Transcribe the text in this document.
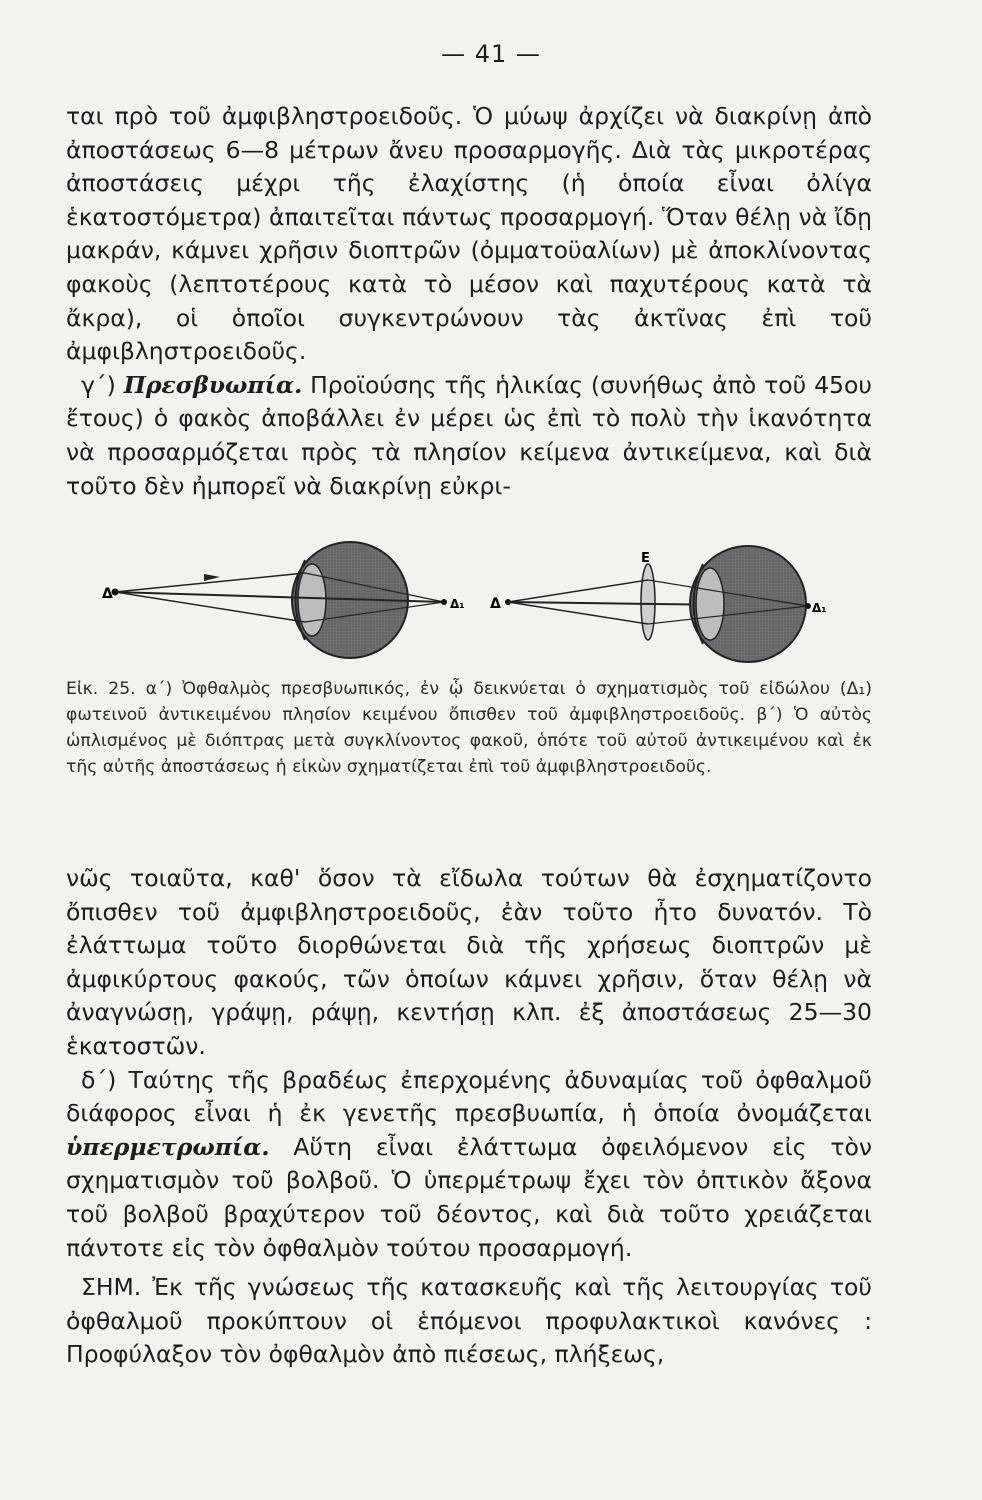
— 41 —

ται πρὸ τοῦ ἀμφιβληστροειδοῦς. Ὁ μύωψ ἀρχίζει νὰ διακρίνῃ ἀπὸ ἀποστάσεως 6—8 μέτρων ἄνευ προσαρμογῆς. Διὰ τὰς μικροτέρας ἀποστάσεις μέχρι τῆς ἐλαχίστης (ἡ ὁποία εἶναι ὀλίγα ἑκατοστόμετρα) ἀπαιτεῖται πάντως προσαρμογή. Ὅταν θέλῃ νὰ ἴδῃ μακράν, κάμνει χρῆσιν διοπτρῶν (ὀμματοϋαλίων) μὲ ἀποκλίνοντας φακοὺς (λεπτοτέρους κατὰ τὸ μέσον καὶ παχυτέρους κατὰ τὰ ἄκρα), οἱ ὁποῖοι συγκεντρώνουν τὰς ἀκτῖνας ἐπὶ τοῦ ἀμφιβληστροειδοῦς.

γ΄) Πρεσβυωπία. Προϊούσης τῆς ἡλικίας (συνήθως ἀπὸ τοῦ 45ου ἔτους) ὁ φακὸς ἀποβάλλει ἐν μέρει ὡς ἐπὶ τὸ πολὺ τὴν ἱκανότητα νὰ προσαρμόζεται πρὸς τὰ πλησίον κείμενα ἀντικείμενα, καὶ διὰ τοῦτο δὲν ἠμπορεῖ νὰ διακρίνῃ εὐκρι-

Δ
Δ₁ Δ
Ε
Δ₁

Εἰκ. 25. α΄) Ὀφθαλμὸς πρεσβυωπικός, ἐν ᾧ δεικνύεται ὁ σχηματισμὸς τοῦ εἰδώλου (Δ₁) φωτεινοῦ ἀντικειμένου πλησίον κειμένου ὄπισθεν τοῦ ἀμφιβληστροειδοῦς. β΄) Ὁ αὐτὸς ὡπλισμένος μὲ διόπτρας μετὰ συγκλίνοντος φακοῦ, ὁπότε τοῦ αὐτοῦ ἀντικειμένου καὶ ἐκ τῆς αὐτῆς ἀποστάσεως ἡ εἰκὼν σχηματίζεται ἐπὶ τοῦ ἀμφιβληστροειδοῦς.

νῶς τοιαῦτα, καθ' ὅσον τὰ εἴδωλα τούτων θὰ ἐσχηματίζοντο ὄπισθεν τοῦ ἀμφιβληστροειδοῦς, ἐὰν τοῦτο ἦτο δυνατόν. Τὸ ἐλάττωμα τοῦτο διορθώνεται διὰ τῆς χρήσεως διοπτρῶν μὲ ἀμφικύρτους φακούς, τῶν ὁποίων κάμνει χρῆσιν, ὅταν θέλῃ νὰ ἀναγνώσῃ, γράψῃ, ράψῃ, κεντήσῃ κλπ. ἐξ ἀποστάσεως 25—30 ἑκατοστῶν.

δ΄) Ταύτης τῆς βραδέως ἐπερχομένης ἀδυναμίας τοῦ ὀφθαλμοῦ διάφορος εἶναι ἡ ἐκ γενετῆς πρεσβυωπία, ἡ ὁποία ὀνομάζεται ὑπερμετρωπία. Αὕτη εἶναι ἐλάττωμα ὀφειλόμενον εἰς τὸν σχηματισμὸν τοῦ βολβοῦ. Ὁ ὑπερμέτρωψ ἔχει τὸν ὀπτικὸν ἄξονα τοῦ βολβοῦ βραχύτερον τοῦ δέοντος, καὶ διὰ τοῦτο χρειάζεται πάντοτε εἰς τὸν ὀφθαλμὸν τούτου προσαρμογή.

ΣΗΜ. Ἐκ τῆς γνώσεως τῆς κατασκευῆς καὶ τῆς λειτουργίας τοῦ ὀφθαλμοῦ προκύπτουν οἱ ἑπόμενοι προφυλακτικοὶ κανόνες : Προφύλαξον τὸν ὀφθαλμὸν ἀπὸ πιέσεως, πλήξεως,
